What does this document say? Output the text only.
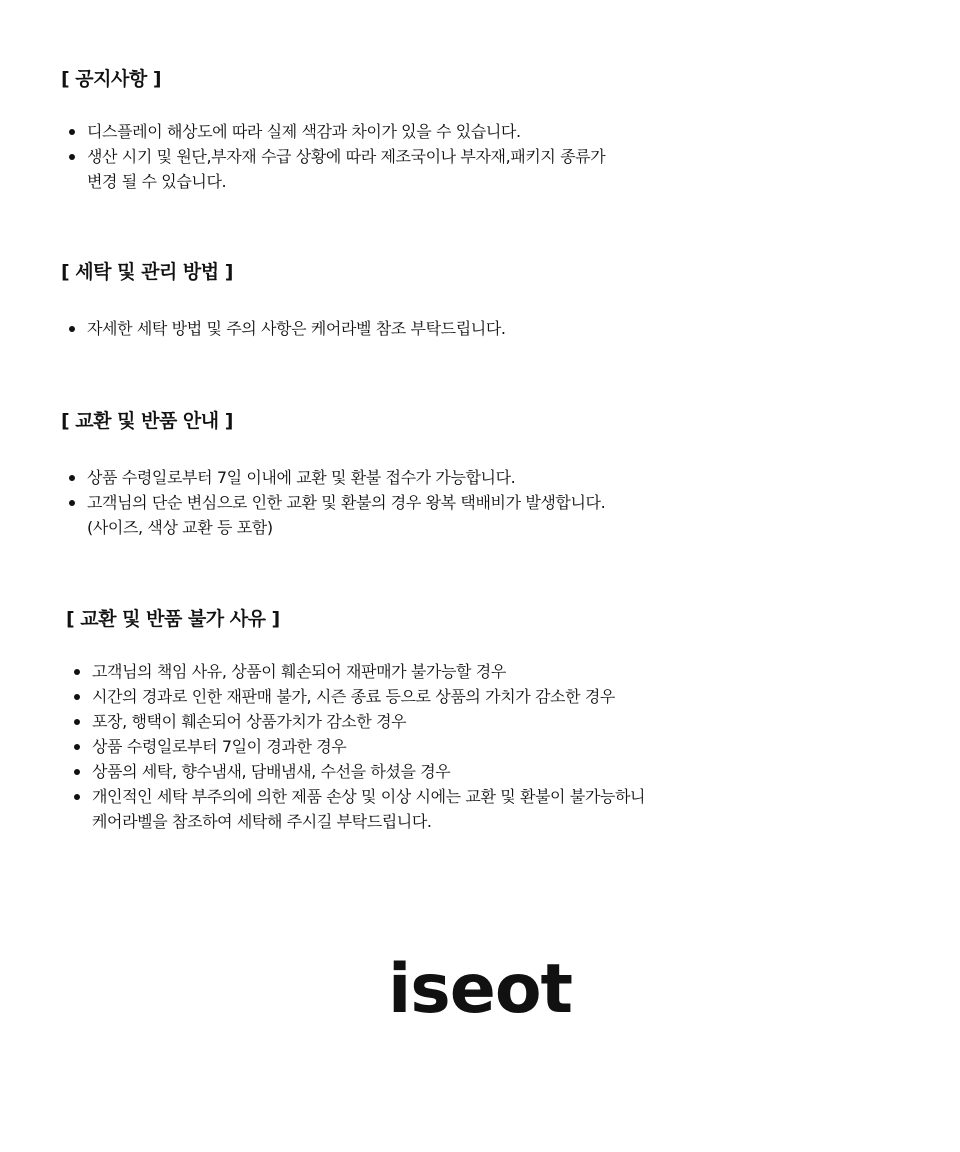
[ 공지사항 ]
디스플레이 해상도에 따라 실제 색감과 차이가 있을 수 있습니다.
생산 시기 및 원단,부자재 수급 상황에 따라 제조국이나 부자재,패키지 종류가
변경 될 수 있습니다.
[ 세탁 및 관리 방법 ]
자세한 세탁 방법 및 주의 사항은 케어라벨 참조 부탁드립니다.
[ 교환 및 반품 안내 ]
상품 수령일로부터 7일 이내에 교환 및 환불 접수가 가능합니다.
고객님의 단순 변심으로 인한 교환 및 환불의 경우 왕복 택배비가 발생합니다.
(사이즈, 색상 교환 등 포함)
[ 교환 및 반품 불가 사유 ]
고객님의 책임 사유, 상품이 훼손되어 재판매가 불가능할 경우
시간의 경과로 인한 재판매 불가, 시즌 종료 등으로 상품의 가치가 감소한 경우
포장, 행택이 훼손되어 상품가치가 감소한 경우
상품 수령일로부터 7일이 경과한 경우
상품의 세탁, 향수냄새, 담배냄새, 수선을 하셨을 경우
개인적인 세탁 부주의에 의한 제품 손상 및 이상 시에는 교환 및 환불이 불가능하니
케어라벨을 참조하여 세탁해 주시길 부탁드립니다.
iseot
